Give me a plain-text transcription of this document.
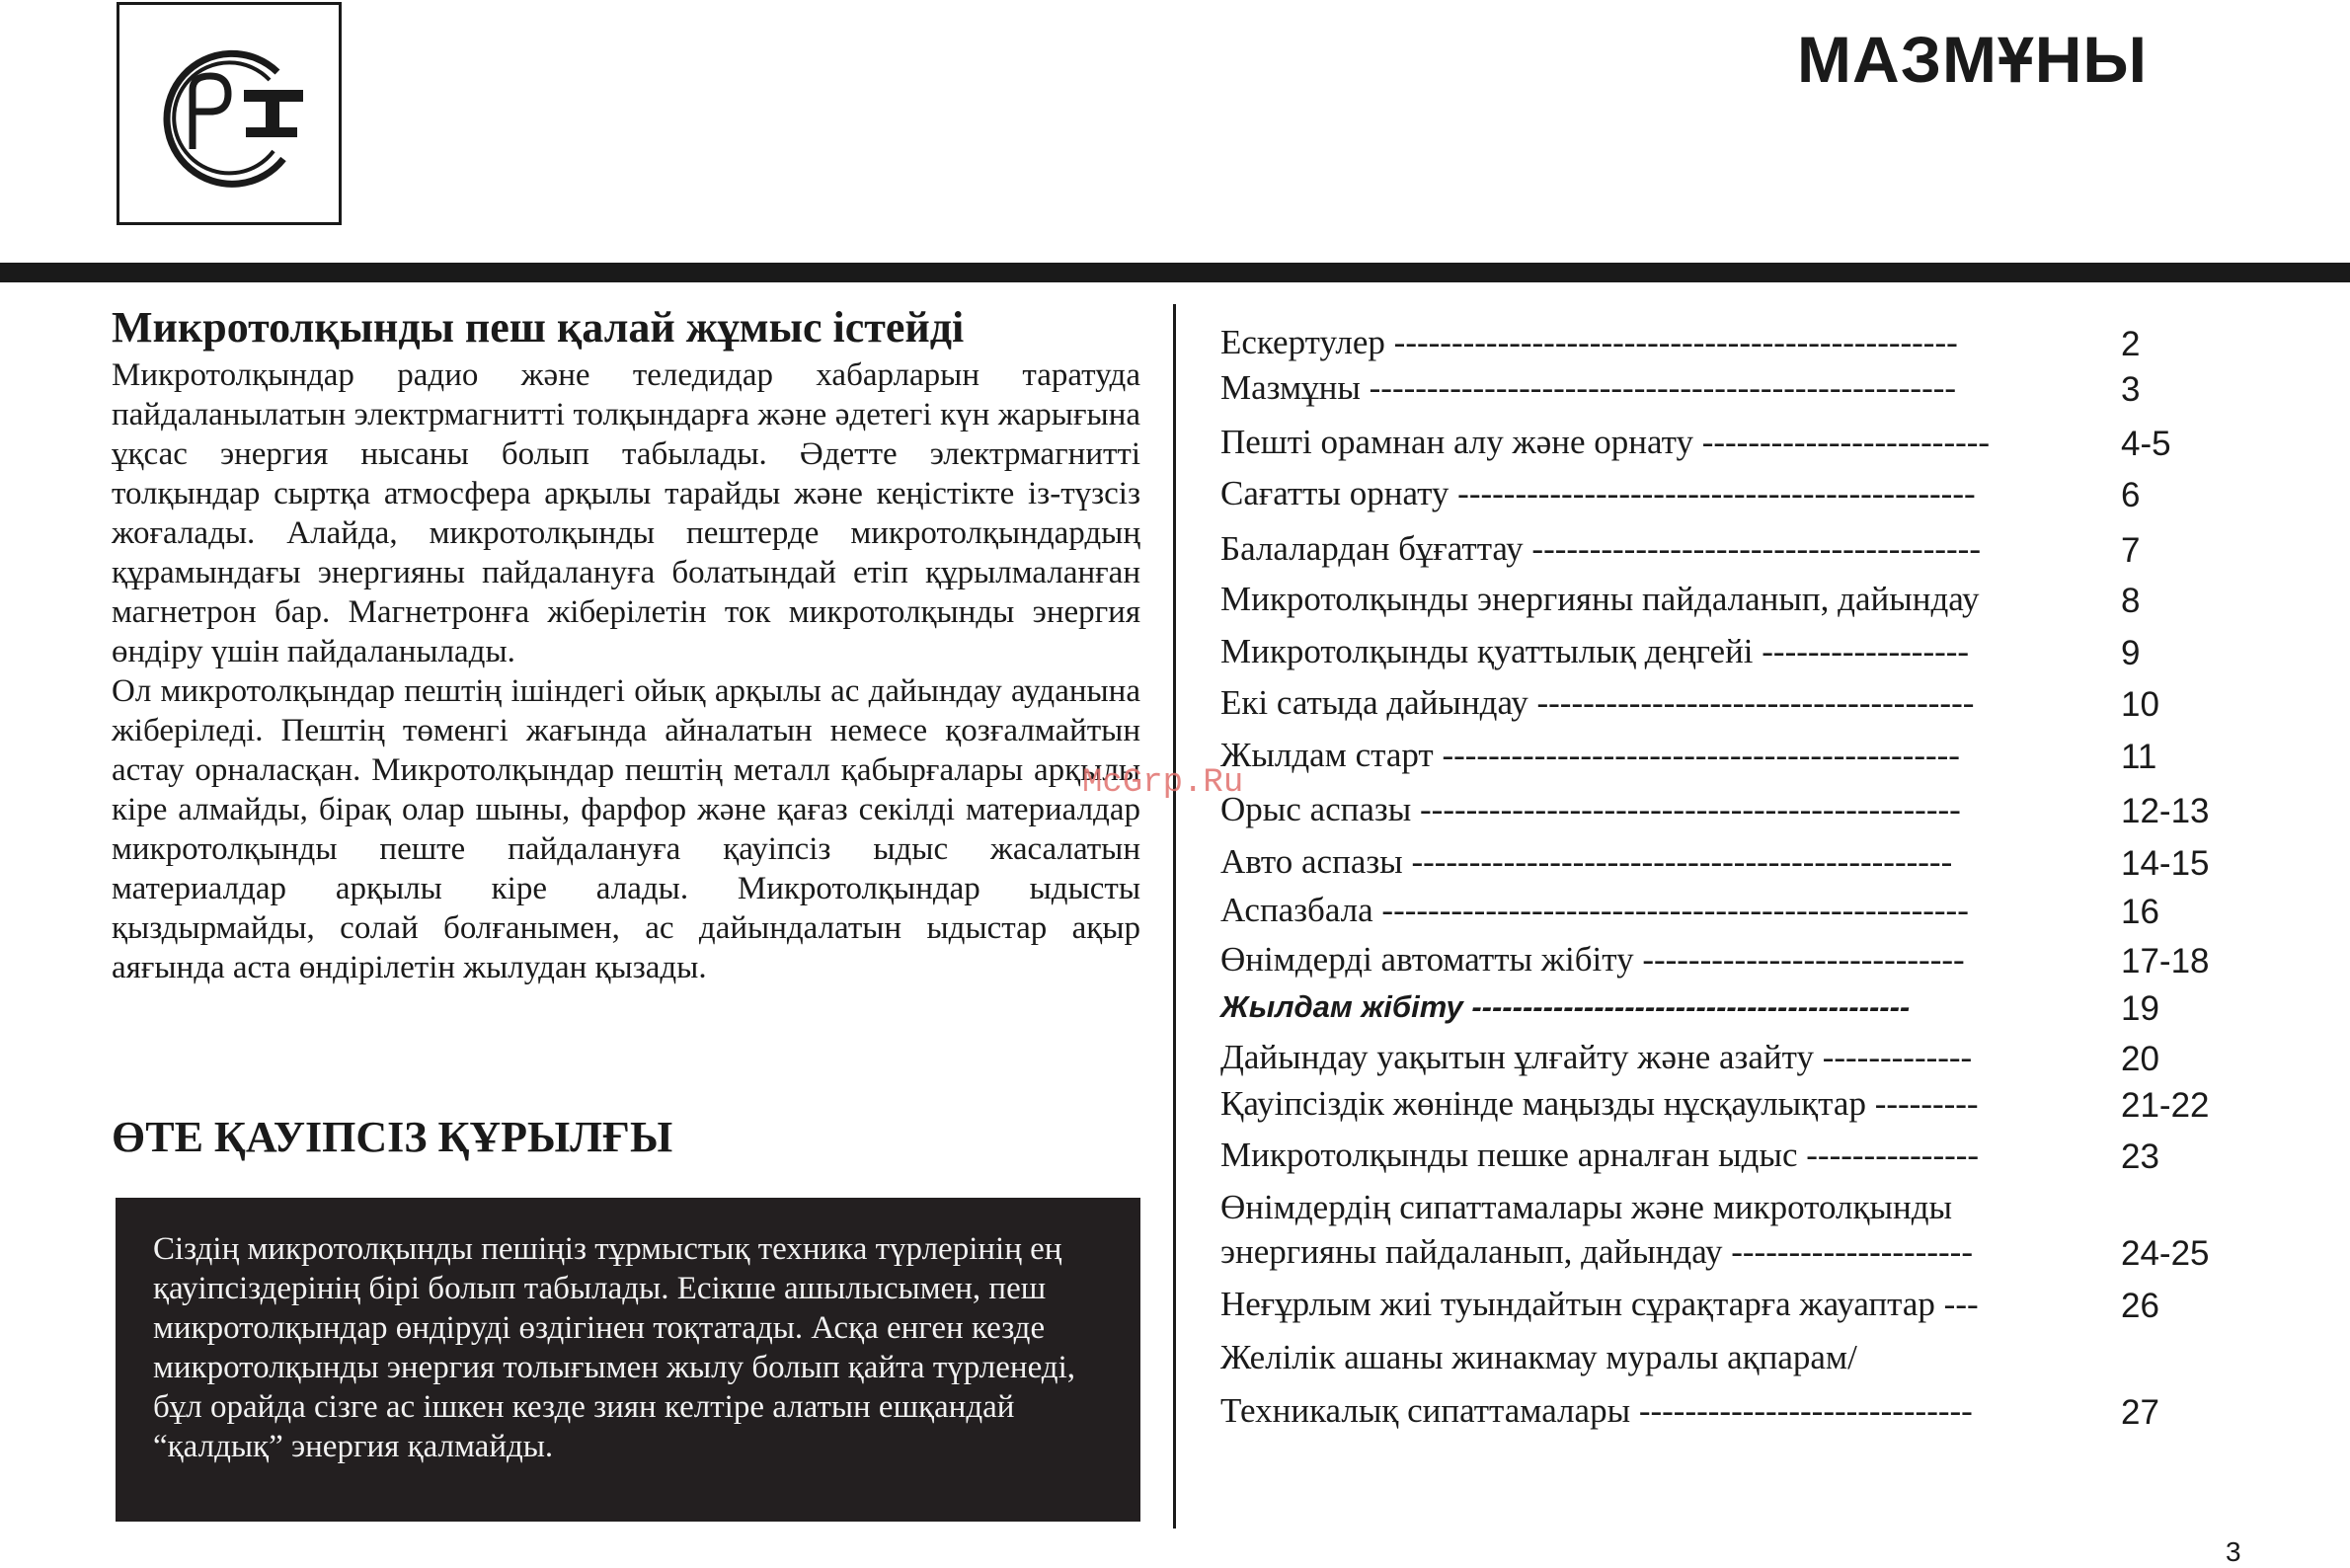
МАЗМҰНЫ
Микротолқынды пеш қалай жұмыс істейді

Микротолқындар радио және теледидар хабарларын таратуда пайдаланылатын электрмагнитті толқындарға және әдетегі күн жарығына ұқсас энергия нысаны болып табылады. Әдетте электрмагнитті толқындар сыртқа атмосфера арқылы тарайды және кеңістікте із-түзсіз жоғалады. Алайда, микротолқынды пештерде микротолқындардың құрамындағы энергияны пайдалануға болатындай етіп құрылмаланған магнетрон бар. Магнетронға жіберілетін ток микротолқынды энергия өндіру үшін пайдаланылады.

Ол микротолқындар пештің ішіндегі ойық арқылы ас дайындау ауданына жіберіледі. Пештің төменгі жағында айналатын немесе қозғалмайтын астау орналасқан. Микротолқындар пештің металл қабырғалары арқылы кіре алмайды, бірақ олар шыны, фарфор және қағаз секілді материалдар микротолқынды пеште пайдалануға қауіпсіз ыдыс жасалатын материалдар арқылы кіре алады. Микротолқындар ыдысты қыздырмайды, солай болғанымен, ас дайындалатын ыдыстар ақыр аяғында аста өндірілетін жылудан қызады.

ӨТЕ ҚАУІПСІЗ ҚҰРЫЛҒЫ

Сіздің микротолқынды пешіңіз тұрмыстық техника түрлерінің ең қауіпсіздерінің бірі болып табылады. Есікше ашылысымен, пеш микротолқындар өндіруді өздігінен тоқтатады. Асқа енген кезде микротолқынды энергия толығымен жылу болып қайта түрленеді, бұл орайда сізге ас ішкен кезде зиян келтіре алатын ешқандай “қалдық” энергия қалмайды.

Ескертулер -------------------------------------------------	2
Мазмұны ---------------------------------------------------	3
Пешті орамнан алу және орнату -------------------------	4-5
Сағатты орнату ---------------------------------------------	6
Балалардан бұғаттау ---------------------------------------	7
Микротолқынды энергияны пайдаланып, дайындау	8
Микротолқынды қуаттылық деңгейі ------------------	9
Екі сатыда дайындау --------------------------------------	10
Жылдам старт ---------------------------------------------	11
Орыс аспазы -----------------------------------------------	12-13
Авто аспазы -----------------------------------------------	14-15
Аспазбала ---------------------------------------------------	16
Өнімдерді автоматты жібіту ----------------------------	17-18
Жылдам жібіту -------------------------------------------	19
Дайындау уақытын ұлғайту және азайту -------------	20
Қауіпсіздік жөнінде маңызды нұсқаулықтар ---------	21-22
Микротолқынды пешке арналған ыдыс ---------------	23
Өнімдердің сипаттамалары және микротолқынды
энергияны пайдаланып, дайындау ---------------------	24-25
Неғұрлым жиі туындайтын сұрақтарға жауаптар ---	26
Желілік ашаны жинакмау муралы ақпарам/
Техникалық сипаттамалары -----------------------------	27
McGrp.Ru
3
